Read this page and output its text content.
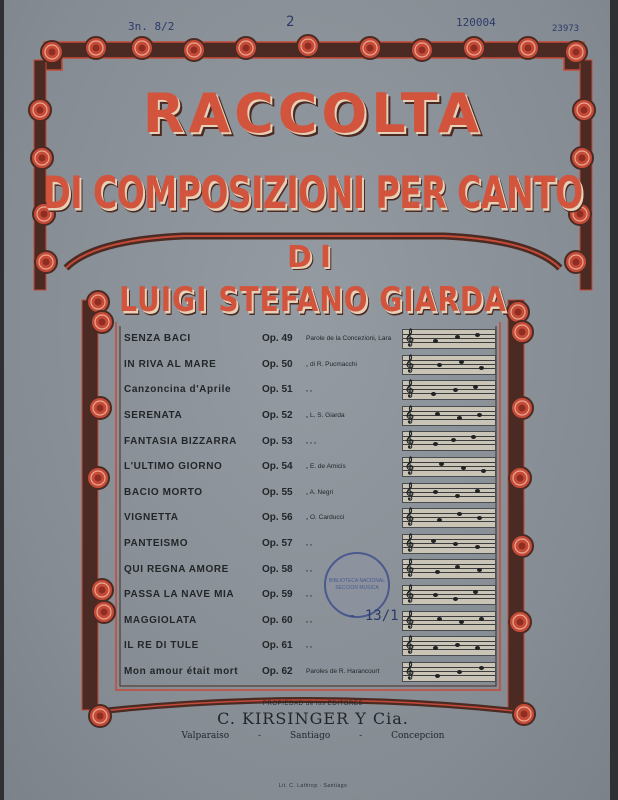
RACCOLTA
DI COMPOSIZIONI PER CANTO
DI
LUIGI STEFANO GIARDA
SENZA BACI	Op. 49	Parole de la Concezioni, Lara 𝄞
IN RIVA AL MARE	Op. 50	„ di R. Pucmacchi	𝄞
Canzoncina d'Aprile	Op. 51	„ „	𝄞
SERENATA	Op. 52	„ L. S. Giarda	𝄞
FANTASIA BIZZARRA	Op. 53	„ „ „	𝄞
L'ULTIMO GIORNO	Op. 54	„ E. de Amicis	𝄞
BACIO MORTO	Op. 55	„ A. Negri	𝄞
VIGNETTA	Op. 56	„ O. Carducci	𝄞
PANTEISMO	Op. 57	„ „	𝄞
QUI REGNA AMORE	Op. 58	„ „	𝄞
PASSA LA NAVE MIA	Op. 59	„ „	𝄞
MAGGIOLATA	Op. 60	„ „	𝄞
IL RE DI TULE	Op. 61	„ „	𝄞
Mon amour était mort	Op. 62	Paroles de R. Harancourt	𝄞
BIBLIOTECA NACIONAL SECCION MUSICA
PROPIEDAD de los EDITORES
C. KIRSINGER Y Cia.
Valparaiso - Santiago - Concepcion
Lit. C. Lathrop · Santiago
3n. 8/2	2	120004	23973
- 13/1
